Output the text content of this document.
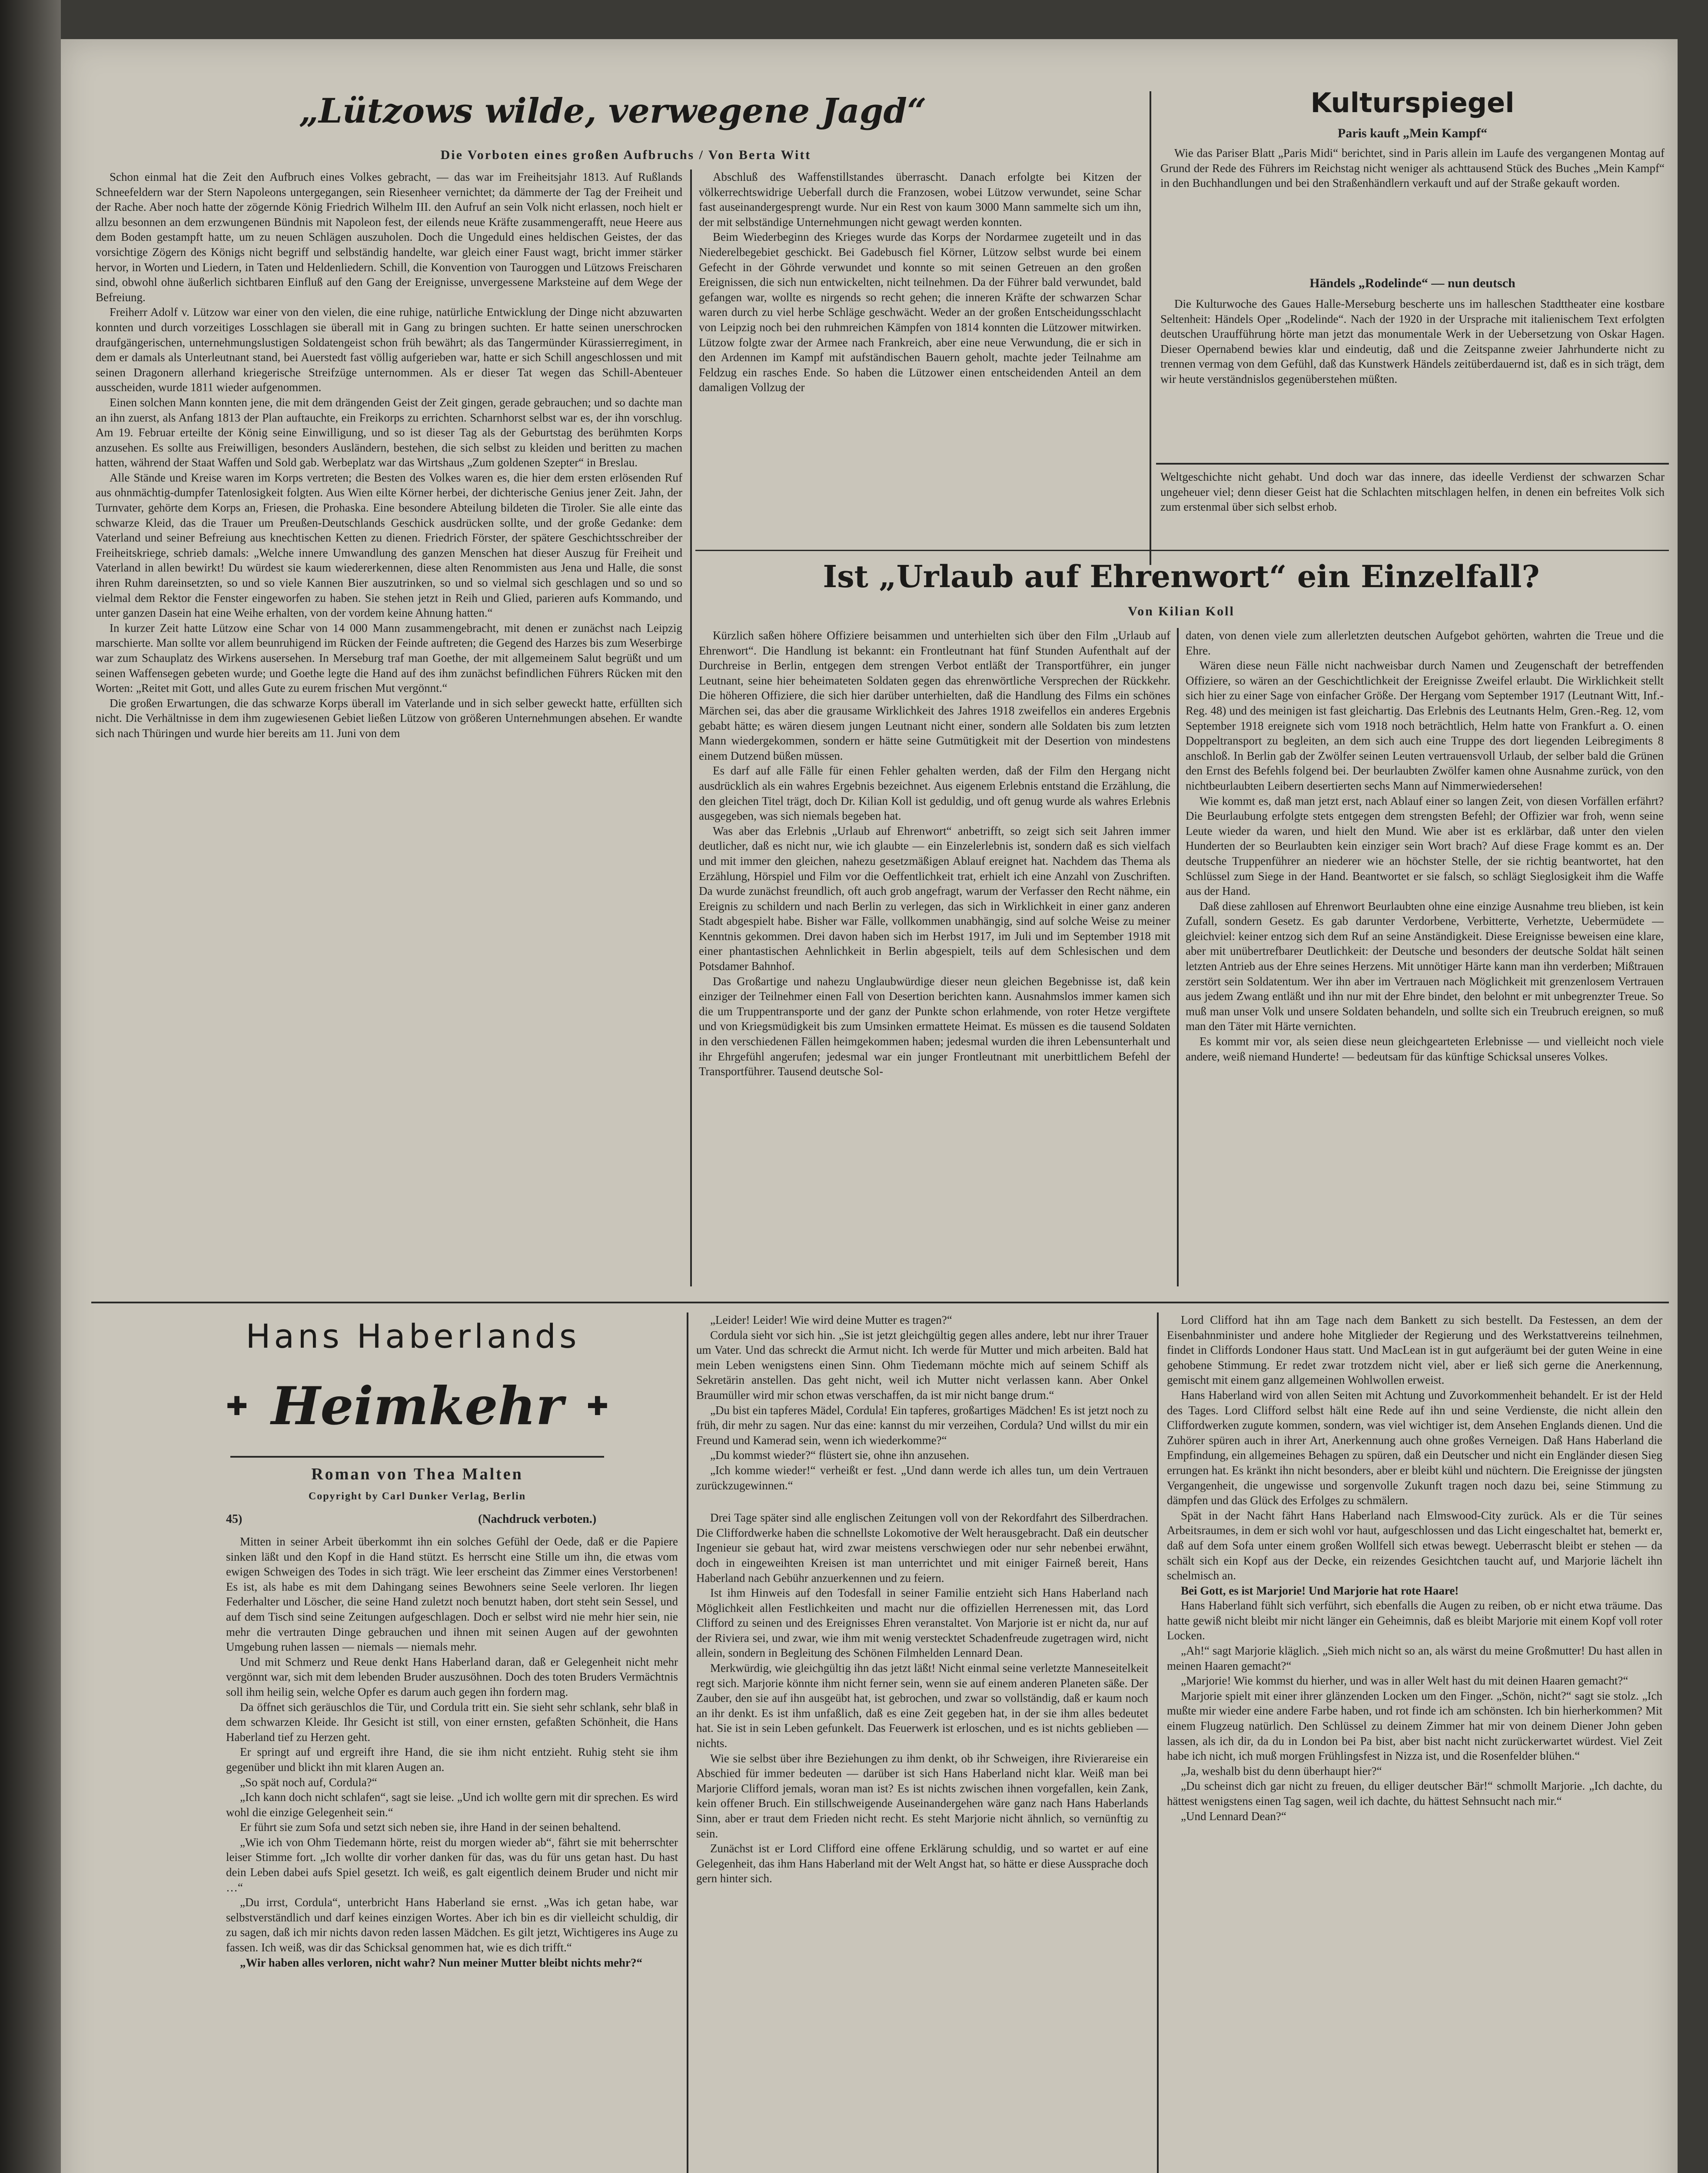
„Lützows wilde, verwegene Jagd“
Die Vorboten eines großen Aufbruchs / Von Berta Witt

Schon einmal hat die Zeit den Aufbruch eines Volkes gebracht, — das war im Freiheitsjahr 1813. Auf Rußlands Schneefeldern war der Stern Napoleons untergegangen, sein Riesenheer vernichtet; da dämmerte der Tag der Freiheit und der Rache. Aber noch hatte der zögernde König Friedrich Wilhelm III. den Aufruf an sein Volk nicht erlassen, noch hielt er allzu besonnen an dem erzwungenen Bündnis mit Napoleon fest, der eilends neue Kräfte zusammengerafft, neue Heere aus dem Boden gestampft hatte, um zu neuen Schlägen auszuholen. Doch die Ungeduld eines heldischen Geistes, der das vorsichtige Zögern des Königs nicht begriff und selbständig handelte, war gleich einer Faust wagt, bricht immer stärker hervor, in Worten und Liedern, in Taten und Heldenliedern. Schill, die Konvention von Tauroggen und Lützows Freischaren sind, obwohl ohne äußerlich sichtbaren Einfluß auf den Gang der Ereignisse, unvergessene Marksteine auf dem Wege der Befreiung.

Freiherr Adolf v. Lützow war einer von den vielen, die eine ruhige, natürliche Entwicklung der Dinge nicht abzuwarten konnten und durch vorzeitiges Losschlagen sie überall mit in Gang zu bringen suchten. Er hatte seinen unerschrocken draufgängerischen, unternehmungslustigen Soldatengeist schon früh bewährt; als das Tangermünder Kürassierregiment, in dem er damals als Unterleutnant stand, bei Auerstedt fast völlig aufgerieben war, hatte er sich Schill angeschlossen und mit seinen Dragonern allerhand kriegerische Streifzüge unternommen. Als er dieser Tat wegen das Schill-Abenteuer ausscheiden, wurde 1811 wieder aufgenommen.

Einen solchen Mann konnten jene, die mit dem drängenden Geist der Zeit gingen, gerade gebrauchen; und so dachte man an ihn zuerst, als Anfang 1813 der Plan auftauchte, ein Freikorps zu errichten. Scharnhorst selbst war es, der ihn vorschlug. Am 19. Februar erteilte der König seine Einwilligung, und so ist dieser Tag als der Geburtstag des berühmten Korps anzusehen. Es sollte aus Freiwilligen, besonders Ausländern, bestehen, die sich selbst zu kleiden und beritten zu machen hatten, während der Staat Waffen und Sold gab. Werbeplatz war das Wirtshaus „Zum goldenen Szepter“ in Breslau.

Alle Stände und Kreise waren im Korps vertreten; die Besten des Volkes waren es, die hier dem ersten erlösenden Ruf aus ohnmächtig-dumpfer Tatenlosigkeit folgten. Aus Wien eilte Körner herbei, der dichterische Genius jener Zeit. Jahn, der Turnvater, gehörte dem Korps an, Friesen, die Prohaska. Eine besondere Abteilung bildeten die Tiroler. Sie alle einte das schwarze Kleid, das die Trauer um Preußen-Deutschlands Geschick ausdrücken sollte, und der große Gedanke: dem Vaterland und seiner Befreiung aus knechtischen Ketten zu dienen. Friedrich Förster, der spätere Geschichtsschreiber der Freiheitskriege, schrieb damals: „Welche innere Umwandlung des ganzen Menschen hat dieser Auszug für Freiheit und Vaterland in allen bewirkt! Du würdest sie kaum wiedererkennen, diese alten Renommisten aus Jena und Halle, die sonst ihren Ruhm dareinsetzten, so und so viele Kannen Bier auszutrinken, so und so vielmal sich geschlagen und so und so vielmal dem Rektor die Fenster eingeworfen zu haben. Sie stehen jetzt in Reih und Glied, parieren aufs Kommando, und unter ganzen Dasein hat eine Weihe erhalten, von der vordem keine Ahnung hatten.“

In kurzer Zeit hatte Lützow eine Schar von 14 000 Mann zusammengebracht, mit denen er zunächst nach Leipzig marschierte. Man sollte vor allem beunruhigend im Rücken der Feinde auftreten; die Gegend des Harzes bis zum Weserbirge war zum Schauplatz des Wirkens ausersehen. In Merseburg traf man Goethe, der mit allgemeinem Salut begrüßt und um seinen Waffensegen gebeten wurde; und Goethe legte die Hand auf des ihm zunächst befindlichen Führers Rücken mit den Worten: „Reitet mit Gott, und alles Gute zu eurem frischen Mut vergönnt.“

Die großen Erwartungen, die das schwarze Korps überall im Vaterlande und in sich selber geweckt hatte, erfüllten sich nicht. Die Verhältnisse in dem ihm zugewiesenen Gebiet ließen Lützow von größeren Unternehmungen absehen. Er wandte sich nach Thüringen und wurde hier bereits am 11. Juni von dem

Abschluß des Waffenstillstandes überrascht. Danach erfolgte bei Kitzen der völkerrechtswidrige Ueberfall durch die Franzosen, wobei Lützow verwundet, seine Schar fast auseinandergesprengt wurde. Nur ein Rest von kaum 3000 Mann sammelte sich um ihn, der mit selbständige Unternehmungen nicht gewagt werden konnten.

Beim Wiederbeginn des Krieges wurde das Korps der Nordarmee zugeteilt und in das Niederelbegebiet geschickt. Bei Gadebusch fiel Körner, Lützow selbst wurde bei einem Gefecht in der Göhrde verwundet und konnte so mit seinen Getreuen an den großen Ereignissen, die sich nun entwickelten, nicht teilnehmen. Da der Führer bald verwundet, bald gefangen war, wollte es nirgends so recht gehen; die inneren Kräfte der schwarzen Schar waren durch zu viel herbe Schläge geschwächt. Weder an der großen Entscheidungsschlacht von Leipzig noch bei den ruhmreichen Kämpfen von 1814 konnten die Lützower mitwirken. Lützow folgte zwar der Armee nach Frankreich, aber eine neue Verwundung, die er sich in den Ardennen im Kampf mit aufständischen Bauern geholt, machte jeder Teilnahme am Feldzug ein rasches Ende. So haben die Lützower einen entscheidenden Anteil an dem damaligen Vollzug der

Kulturspiegel
Paris kauft „Mein Kampf“

Wie das Pariser Blatt „Paris Midi“ berichtet, sind in Paris allein im Laufe des vergangenen Montag auf Grund der Rede des Führers im Reichstag nicht weniger als achttausend Stück des Buches „Mein Kampf“ in den Buchhandlungen und bei den Straßenhändlern verkauft und auf der Straße gekauft worden.

Händels „Rodelinde“ — nun deutsch

Die Kulturwoche des Gaues Halle-Merseburg bescherte uns im halleschen Stadttheater eine kostbare Seltenheit: Händels Oper „Rodelinde“. Nach der 1920 in der Ursprache mit italienischem Text erfolgten deutschen Uraufführung hörte man jetzt das monumentale Werk in der Uebersetzung von Oskar Hagen. Dieser Opernabend bewies klar und eindeutig, daß und die Zeitspanne zweier Jahrhunderte nicht zu trennen vermag von dem Gefühl, daß das Kunstwerk Händels zeitüberdauernd ist, daß es in sich trägt, dem wir heute verständnislos gegenüberstehen müßten.

Weltgeschichte nicht gehabt. Und doch war das innere, das ideelle Verdienst der schwarzen Schar ungeheuer viel; denn dieser Geist hat die Schlachten mitschlagen helfen, in denen ein befreites Volk sich zum erstenmal über sich selbst erhob.

Ist „Urlaub auf Ehrenwort“ ein Einzelfall?
Von Kilian Koll

Kürzlich saßen höhere Offiziere beisammen und unterhielten sich über den Film „Urlaub auf Ehrenwort“. Die Handlung ist bekannt: ein Frontleutnant hat fünf Stunden Aufenthalt auf der Durchreise in Berlin, entgegen dem strengen Verbot entläßt der Transportführer, ein junger Leutnant, seine hier beheimateten Soldaten gegen das ehrenwörtliche Versprechen der Rückkehr. Die höheren Offiziere, die sich hier darüber unterhielten, daß die Handlung des Films ein schönes Märchen sei, das aber die grausame Wirklichkeit des Jahres 1918 zweifellos ein anderes Ergebnis gebabt hätte; es wären diesem jungen Leutnant nicht einer, sondern alle Soldaten bis zum letzten Mann wiedergekommen, sondern er hätte seine Gutmütigkeit mit der Desertion von mindestens einem Dutzend büßen müssen.

Es darf auf alle Fälle für einen Fehler gehalten werden, daß der Film den Hergang nicht ausdrücklich als ein wahres Ergebnis bezeichnet. Aus eigenem Erlebnis entstand die Erzählung, die den gleichen Titel trägt, doch Dr. Kilian Koll ist geduldig, und oft genug wurde als wahres Erlebnis ausgegeben, was sich niemals begeben hat.

Was aber das Erlebnis „Urlaub auf Ehrenwort“ anbetrifft, so zeigt sich seit Jahren immer deutlicher, daß es nicht nur, wie ich glaubte — ein Einzelerlebnis ist, sondern daß es sich vielfach und mit immer den gleichen, nahezu gesetzmäßigen Ablauf ereignet hat. Nachdem das Thema als Erzählung, Hörspiel und Film vor die Oeffentlichkeit trat, erhielt ich eine Anzahl von Zuschriften. Da wurde zunächst freundlich, oft auch grob angefragt, warum der Verfasser den Recht nähme, ein Ereignis zu schildern und nach Berlin zu verlegen, das sich in Wirklichkeit in einer ganz anderen Stadt abgespielt habe. Bisher war Fälle, vollkommen unabhängig, sind auf solche Weise zu meiner Kenntnis gekommen. Drei davon haben sich im Herbst 1917, im Juli und im September 1918 mit einer phantastischen Aehnlichkeit in Berlin abgespielt, teils auf dem Schlesischen und dem Potsdamer Bahnhof.

Das Großartige und nahezu Unglaubwürdige dieser neun gleichen Begebnisse ist, daß kein einziger der Teilnehmer einen Fall von Desertion berichten kann. Ausnahmslos immer kamen sich die um Truppentransporte und der ganz der Punkte schon erlahmende, von roter Hetze vergiftete und von Kriegsmüdigkeit bis zum Umsinken ermattete Heimat. Es müssen es die tausend Soldaten in den verschiedenen Fällen heimgekommen haben; jedesmal wurden die ihren Lebensunterhalt und ihr Ehrgefühl angerufen; jedesmal war ein junger Frontleutnant mit unerbittlichem Befehl der Transportführer. Tausend deutsche Sol-

daten, von denen viele zum allerletzten deutschen Aufgebot gehörten, wahrten die Treue und die Ehre.

Wären diese neun Fälle nicht nachweisbar durch Namen und Zeugenschaft der betreffenden Offiziere, so wären an der Geschichtlichkeit der Ereignisse Zweifel erlaubt. Die Wirklichkeit stellt sich hier zu einer Sage von einfacher Größe. Der Hergang vom September 1917 (Leutnant Witt, Inf.-Reg. 48) und des meinigen ist fast gleichartig. Das Erlebnis des Leutnants Helm, Gren.-Reg. 12, vom September 1918 ereignete sich vom 1918 noch beträchtlich, Helm hatte von Frankfurt a. O. einen Doppeltransport zu begleiten, an dem sich auch eine Truppe des dort liegenden Leibregiments 8 anschloß. In Berlin gab der Zwölfer seinen Leuten vertrauensvoll Urlaub, der selber bald die Grünen den Ernst des Befehls folgend bei. Der beurlaubten Zwölfer kamen ohne Ausnahme zurück, von den nichtbeurlaubten Leibern desertierten sechs Mann auf Nimmerwiedersehen!

Wie kommt es, daß man jetzt erst, nach Ablauf einer so langen Zeit, von diesen Vorfällen erfährt? Die Beurlaubung erfolgte stets entgegen dem strengsten Befehl; der Offizier war froh, wenn seine Leute wieder da waren, und hielt den Mund. Wie aber ist es erklärbar, daß unter den vielen Hunderten der so Beurlaubten kein einziger sein Wort brach? Auf diese Frage kommt es an. Der deutsche Truppenführer an niederer wie an höchster Stelle, der sie richtig beantwortet, hat den Schlüssel zum Siege in der Hand. Beantwortet er sie falsch, so schlägt Sieglosigkeit ihm die Waffe aus der Hand.

Daß diese zahllosen auf Ehrenwort Beurlaubten ohne eine einzige Ausnahme treu blieben, ist kein Zufall, sondern Gesetz. Es gab darunter Verdorbene, Verbitterte, Verhetzte, Uebermüdete — gleichviel: keiner entzog sich dem Ruf an seine Anständigkeit. Diese Ereignisse beweisen eine klare, aber mit unübertrefbarer Deutlichkeit: der Deutsche und besonders der deutsche Soldat hält seinen letzten Antrieb aus der Ehre seines Herzens. Mit unnötiger Härte kann man ihn verderben; Mißtrauen zerstört sein Soldatentum. Wer ihn aber im Vertrauen nach Möglichkeit mit grenzenlosem Vertrauen aus jedem Zwang entläßt und ihn nur mit der Ehre bindet, den belohnt er mit unbegrenzter Treue. So muß man unser Volk und unsere Soldaten behandeln, und sollte sich ein Treubruch ereignen, so muß man den Täter mit Härte vernichten.

Es kommt mir vor, als seien diese neun gleichgearteten Erlebnisse — und vielleicht noch viele andere, weiß niemand Hunderte! — bedeutsam für das künftige Schicksal unseres Volkes.

Hans Haberlands
✚ Heimkehr ✚
Roman von Thea Malten
Copyright by Carl Dunker Verlag, Berlin
45)	(Nachdruck verboten.)

Mitten in seiner Arbeit überkommt ihn ein solches Gefühl der Oede, daß er die Papiere sinken läßt und den Kopf in die Hand stützt. Es herrscht eine Stille um ihn, die etwas vom ewigen Schweigen des Todes in sich trägt. Wie leer erscheint das Zimmer eines Verstorbenen! Es ist, als habe es mit dem Dahingang seines Bewohners seine Seele verloren. Ihr liegen Federhalter und Löscher, die seine Hand zuletzt noch benutzt haben, dort steht sein Sessel, und auf dem Tisch sind seine Zeitungen aufgeschlagen. Doch er selbst wird nie mehr hier sein, nie mehr die vertrauten Dinge gebrauchen und ihnen mit seinen Augen auf der gewohnten Umgebung ruhen lassen — niemals — niemals mehr.

Und mit Schmerz und Reue denkt Hans Haberland daran, daß er Gelegenheit nicht mehr vergönnt war, sich mit dem lebenden Bruder auszusöhnen. Doch des toten Bruders Vermächtnis soll ihm heilig sein, welche Opfer es darum auch gegen ihn fordern mag.

Da öffnet sich geräuschlos die Tür, und Cordula tritt ein. Sie sieht sehr schlank, sehr blaß in dem schwarzen Kleide. Ihr Gesicht ist still, von einer ernsten, gefaßten Schönheit, die Hans Haberland tief zu Herzen geht.

Er springt auf und ergreift ihre Hand, die sie ihm nicht entzieht. Ruhig steht sie ihm gegenüber und blickt ihn mit klaren Augen an.

„So spät noch auf, Cordula?“

„Ich kann doch nicht schlafen“, sagt sie leise. „Und ich wollte gern mit dir sprechen. Es wird wohl die einzige Gelegenheit sein.“

Er führt sie zum Sofa und setzt sich neben sie, ihre Hand in der seinen behaltend.

„Wie ich von Ohm Tiedemann hörte, reist du morgen wieder ab“, fährt sie mit beherrschter leiser Stimme fort. „Ich wollte dir vorher danken für das, was du für uns getan hast. Du hast dein Leben dabei aufs Spiel gesetzt. Ich weiß, es galt eigentlich deinem Bruder und nicht mir …“

„Du irrst, Cordula“, unterbricht Hans Haberland sie ernst. „Was ich getan habe, war selbstverständlich und darf keines einzigen Wortes. Aber ich bin es dir vielleicht schuldig, dir zu sagen, daß ich mir nichts davon reden lassen Mädchen. Es gilt jetzt, Wichtigeres ins Auge zu fassen. Ich weiß, was dir das Schicksal genommen hat, wie es dich trifft.“

„Wir haben alles verloren, nicht wahr? Nun meiner Mutter bleibt nichts mehr?“

„Leider! Leider! Wie wird deine Mutter es tragen?“

Cordula sieht vor sich hin. „Sie ist jetzt gleichgültig gegen alles andere, lebt nur ihrer Trauer um Vater. Und das schreckt die Armut nicht. Ich werde für Mutter und mich arbeiten. Bald hat mein Leben wenigstens einen Sinn. Ohm Tiedemann möchte mich auf seinem Schiff als Sekretärin anstellen. Das geht nicht, weil ich Mutter nicht verlassen kann. Aber Onkel Braumüller wird mir schon etwas verschaffen, da ist mir nicht bange drum.“

„Du bist ein tapferes Mädel, Cordula! Ein tapferes, großartiges Mädchen! Es ist jetzt noch zu früh, dir mehr zu sagen. Nur das eine: kannst du mir verzeihen, Cordula? Und willst du mir ein Freund und Kamerad sein, wenn ich wiederkomme?“

„Du kommst wieder?“ flüstert sie, ohne ihn anzusehen.

„Ich komme wieder!“ verheißt er fest. „Und dann werde ich alles tun, um dein Vertrauen zurückzugewinnen.“

Drei Tage später sind alle englischen Zeitungen voll von der Rekordfahrt des Silberdrachen. Die Cliffordwerke haben die schnellste Lokomotive der Welt herausgebracht. Daß ein deutscher Ingenieur sie gebaut hat, wird zwar meistens verschwiegen oder nur sehr nebenbei erwähnt, doch in eingeweihten Kreisen ist man unterrichtet und mit einiger Fairneß bereit, Hans Haberland nach Gebühr anzuerkennen und zu feiern.

Ist ihm Hinweis auf den Todesfall in seiner Familie entzieht sich Hans Haberland nach Möglichkeit allen Festlichkeiten und macht nur die offiziellen Herrenessen mit, das Lord Clifford zu seinen und des Ereignisses Ehren veranstaltet. Von Marjorie ist er nicht da, nur auf der Riviera sei, und zwar, wie ihm mit wenig verstecktet Schadenfreude zugetragen wird, nicht allein, sondern in Begleitung des Schönen Filmhelden Lennard Dean.

Merkwürdig, wie gleichgültig ihn das jetzt läßt! Nicht einmal seine verletzte Manneseitelkeit regt sich. Marjorie könnte ihm nicht ferner sein, wenn sie auf einem anderen Planeten säße. Der Zauber, den sie auf ihn ausgeübt hat, ist gebrochen, und zwar so vollständig, daß er kaum noch an ihr denkt. Es ist ihm unfaßlich, daß es eine Zeit gegeben hat, in der sie ihm alles bedeutet hat. Sie ist in sein Leben gefunkelt. Das Feuerwerk ist erloschen, und es ist nichts geblieben — nichts.

Wie sie selbst über ihre Beziehungen zu ihm denkt, ob ihr Schweigen, ihre Rivierareise ein Abschied für immer bedeuten — darüber ist sich Hans Haberland nicht klar. Weiß man bei Marjorie Clifford jemals, woran man ist? Es ist nichts zwischen ihnen vorgefallen, kein Zank, kein offener Bruch. Ein stillschweigende Auseinandergehen wäre ganz nach Hans Haberlands Sinn, aber er traut dem Frieden nicht recht. Es steht Marjorie nicht ähnlich, so vernünftig zu sein.

Zunächst ist er Lord Clifford eine offene Erklärung schuldig, und so wartet er auf eine Gelegenheit, das ihm Hans Haberland mit der Welt Angst hat, so hätte er diese Aussprache doch gern hinter sich.

Lord Clifford hat ihn am Tage nach dem Bankett zu sich bestellt. Da Festessen, an dem der Eisenbahnminister und andere hohe Mitglieder der Regierung und des Werkstattvereins teilnehmen, findet in Cliffords Londoner Haus statt. Und MacLean ist in gut aufgeräumt bei der guten Weine in eine gehobene Stimmung. Er redet zwar trotzdem nicht viel, aber er ließ sich gerne die Anerkennung, gemischt mit einem ganz allgemeinen Wohlwollen erweist.

Hans Haberland wird von allen Seiten mit Achtung und Zuvorkommenheit behandelt. Er ist der Held des Tages. Lord Clifford selbst hält eine Rede auf ihn und seine Verdienste, die nicht allein den Cliffordwerken zugute kommen, sondern, was viel wichtiger ist, dem Ansehen Englands dienen. Und die Zuhörer spüren auch in ihrer Art, Anerkennung auch ohne großes Verneigen. Daß Hans Haberland die Empfindung, ein allgemeines Behagen zu spüren, daß ein Deutscher und nicht ein Engländer diesen Sieg errungen hat. Es kränkt ihn nicht besonders, aber er bleibt kühl und nüchtern. Die Ereignisse der jüngsten Vergangenheit, die ungewisse und sorgenvolle Zukunft tragen noch dazu bei, seine Stimmung zu dämpfen und das Glück des Erfolges zu schmälern.

Spät in der Nacht fährt Hans Haberland nach Elmswood-City zurück. Als er die Tür seines Arbeitsraumes, in dem er sich wohl vor haut, aufgeschlossen und das Licht eingeschaltet hat, bemerkt er, daß auf dem Sofa unter einem großen Wollfell sich etwas bewegt. Ueberrascht bleibt er stehen — da schält sich ein Kopf aus der Decke, ein reizendes Gesichtchen taucht auf, und Marjorie lächelt ihn schelmisch an.

Bei Gott, es ist Marjorie! Und Marjorie hat rote Haare!

Hans Haberland fühlt sich verführt, sich ebenfalls die Augen zu reiben, ob er nicht etwa träume. Das hatte gewiß nicht bleibt mir nicht länger ein Geheimnis, daß es bleibt Marjorie mit einem Kopf voll roter Locken.

„Ah!“ sagt Marjorie kläglich. „Sieh mich nicht so an, als wärst du meine Großmutter! Du hast allen in meinen Haaren gemacht?“

„Marjorie! Wie kommst du hierher, und was in aller Welt hast du mit deinen Haaren gemacht?“

Marjorie spielt mit einer ihrer glänzenden Locken um den Finger. „Schön, nicht?“ sagt sie stolz. „Ich mußte mir wieder eine andere Farbe haben, und rot finde ich am schönsten. Ich bin hierherkommen? Mit einem Flugzeug natürlich. Den Schlüssel zu deinem Zimmer hat mir von deinem Diener John geben lassen, als ich dir, da du in London bei Pa bist, aber bist nacht nicht zurückerwartet würdest. Viel Zeit habe ich nicht, ich muß morgen Frühlingsfest in Nizza ist, und die Rosenfelder blühen.“

„Ja, weshalb bist du denn überhaupt hier?“

„Du scheinst dich gar nicht zu freuen, du elliger deutscher Bär!“ schmollt Marjorie. „Ich dachte, du hättest wenigstens einen Tag sagen, weil ich dachte, du hättest Sehnsucht nach mir.“

„Und Lennard Dean?“
